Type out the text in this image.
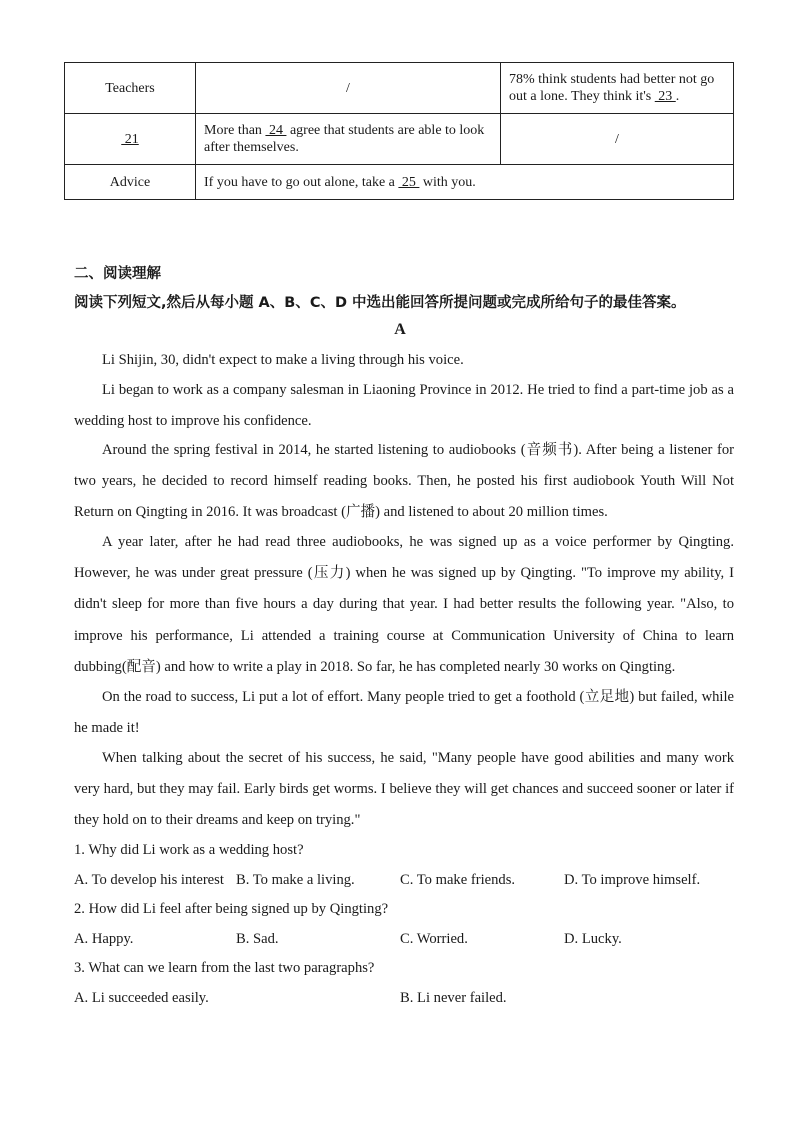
Teachers	/	78% think students had better not go out a lone. They think it's  23 .
21	More than  24  agree that students are able to look after themselves.	/
Advice	If you have to go out alone, take a  25  with you.	
二、阅读理解
阅读下列短文,然后从每小题 A、B、C、D 中选出能回答所提问题或完成所给句子的最佳答案。
A

Li Shijin, 30, didn't expect to make a living through his voice.

Li began to work as a company salesman in Liaoning Province in 2012. He tried to find a part-time job as a wedding host to improve his confidence.

Around the spring festival in 2014, he started listening to audiobooks (音频书). After being a listener for two years, he decided to record himself reading books. Then, he posted his first audiobook Youth Will Not Return on Qingting in 2016. It was broadcast (广播) and listened to about 20 million times.

A year later, after he had read three audiobooks, he was signed up as a voice performer by Qingting. However, he was under great pressure (压力) when he was signed up by Qingting. "To improve my ability, I didn't sleep for more than five hours a day during that year. I had better results the following year. "Also, to improve his performance, Li attended a training course at Communication University of China to learn dubbing(配音) and how to write a play in 2018. So far, he has completed nearly 30 works on Qingting.

On the road to success, Li put a lot of effort. Many people tried to get a foothold (立足地) but failed, while he made it!

When talking about the secret of his success, he said, "Many people have good abilities and many work very hard, but they may fail. Early birds get worms. I believe they will get chances and succeed sooner or later if they hold on to their dreams and keep on trying."

1. Why did Li work as a wedding host?
A. To develop his interest B. To make a living.	C. To make friends.	D. To improve himself.
2. How did Li feel after being signed up by Qingting?
A. Happy.	B. Sad.	C. Worried.	D. Lucky.
3. What can we learn from the last two paragraphs?
A. Li succeeded easily.	B. Li never failed.
